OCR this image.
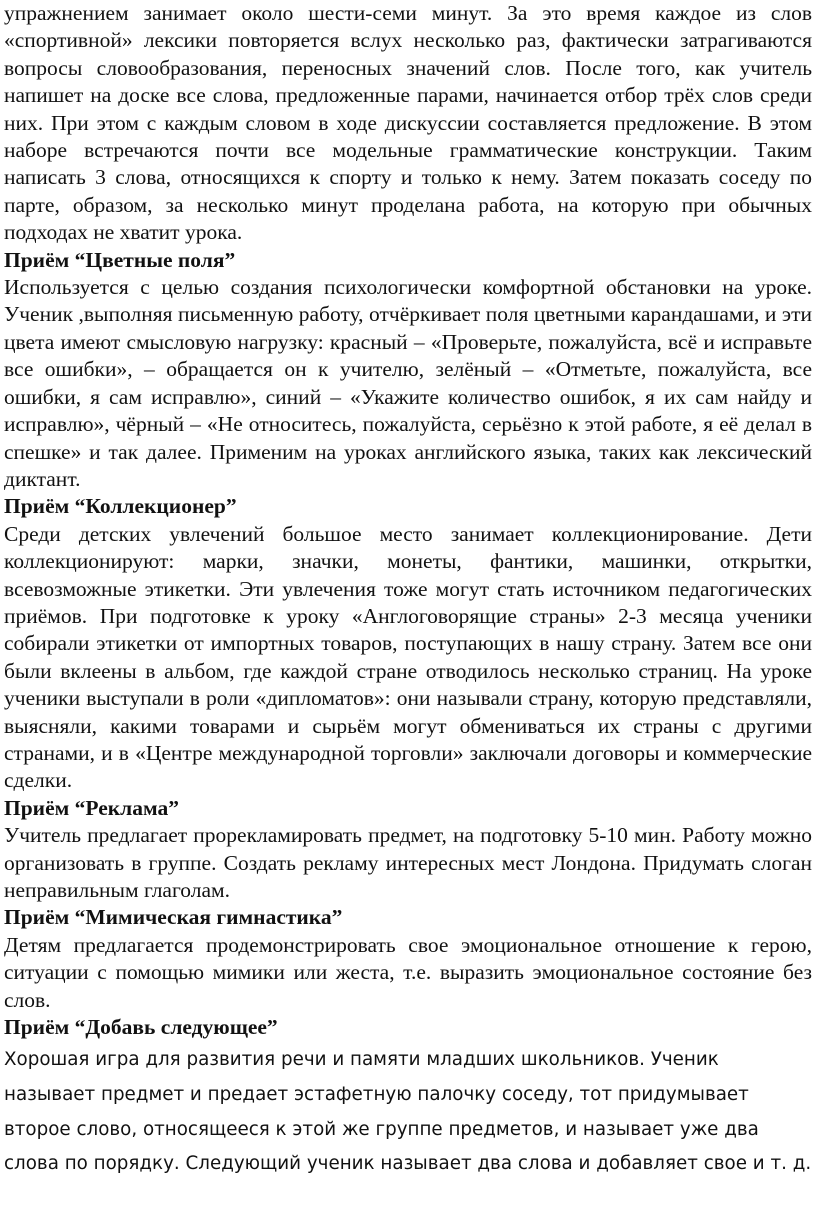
упражнением занимает около шести-семи минут. За это время каждое из слов «спортивной» лексики повторяется вслух несколько раз, фактически затрагиваются вопросы словообразования, переносных значений слов. После того, как учитель напишет на доске все слова, предложенные парами, начинается отбор трёх слов среди них. При этом с каждым словом в ходе дискуссии составляется предложение. В этом наборе встречаются почти все модельные грамматические конструкции. Таким написать 3 слова, относящихся к спорту и только к нему. Затем показать соседу по парте, образом, за несколько минут проделана работа, на которую при обычных подходах не хватит урока.

Приём “Цветные поля”

Используется с целью создания психологически комфортной обстановки на уроке. Ученик ,выполняя письменную работу, отчёркивает поля цветными карандашами, и эти цвета имеют смысловую нагрузку: красный – «Проверьте, пожалуйста, всё и исправьте все ошибки», – обращается он к учителю, зелёный – «Отметьте, пожалуйста, все ошибки, я сам исправлю», синий – «Укажите количество ошибок, я их сам найду и исправлю», чёрный – «Не относитесь, пожалуйста, серьёзно к этой работе, я её делал в спешке» и так далее. Применим на уроках английского языка, таких как лексический диктант.

Приём “Коллекционер”

Среди детских увлечений большое место занимает коллекционирование. Дети коллекционируют: марки, значки, монеты, фантики, машинки, открытки, всевозможные этикетки. Эти увлечения тоже могут стать источником педагогических приёмов. При подготовке к уроку «Англоговорящие страны» 2-3 месяца ученики собирали этикетки от импортных товаров, поступающих в нашу страну. Затем все они были вклеены в альбом, где каждой стране отводилось несколько страниц. На уроке ученики выступали в роли «дипломатов»: они называли страну, которую представляли, выясняли, какими товарами и сырьём могут обмениваться их страны с другими странами, и в «Центре международной торговли» заключали договоры и коммерческие сделки.

Приём “Реклама”

Учитель предлагает прорекламировать предмет, на подготовку 5-10 мин. Работу можно организовать в группе. Создать рекламу интересных мест Лондона. Придумать слоган неправильным глаголам.

Приём “Мимическая гимнастика”

Детям предлагается продемонстрировать свое эмоциональное отношение к герою, ситуации с помощью мимики или жеста, т.е. выразить эмоциональное состояние без слов.

Приём “Добавь следующее”

Хорошая игра для развития речи и памяти младших школьников. Ученик называет предмет и предает эстафетную палочку соседу, тот придумывает второе слово, относящееся к этой же группе предметов, и называет уже два слова по порядку. Следующий ученик называет два слова и добавляет свое и т. д.
